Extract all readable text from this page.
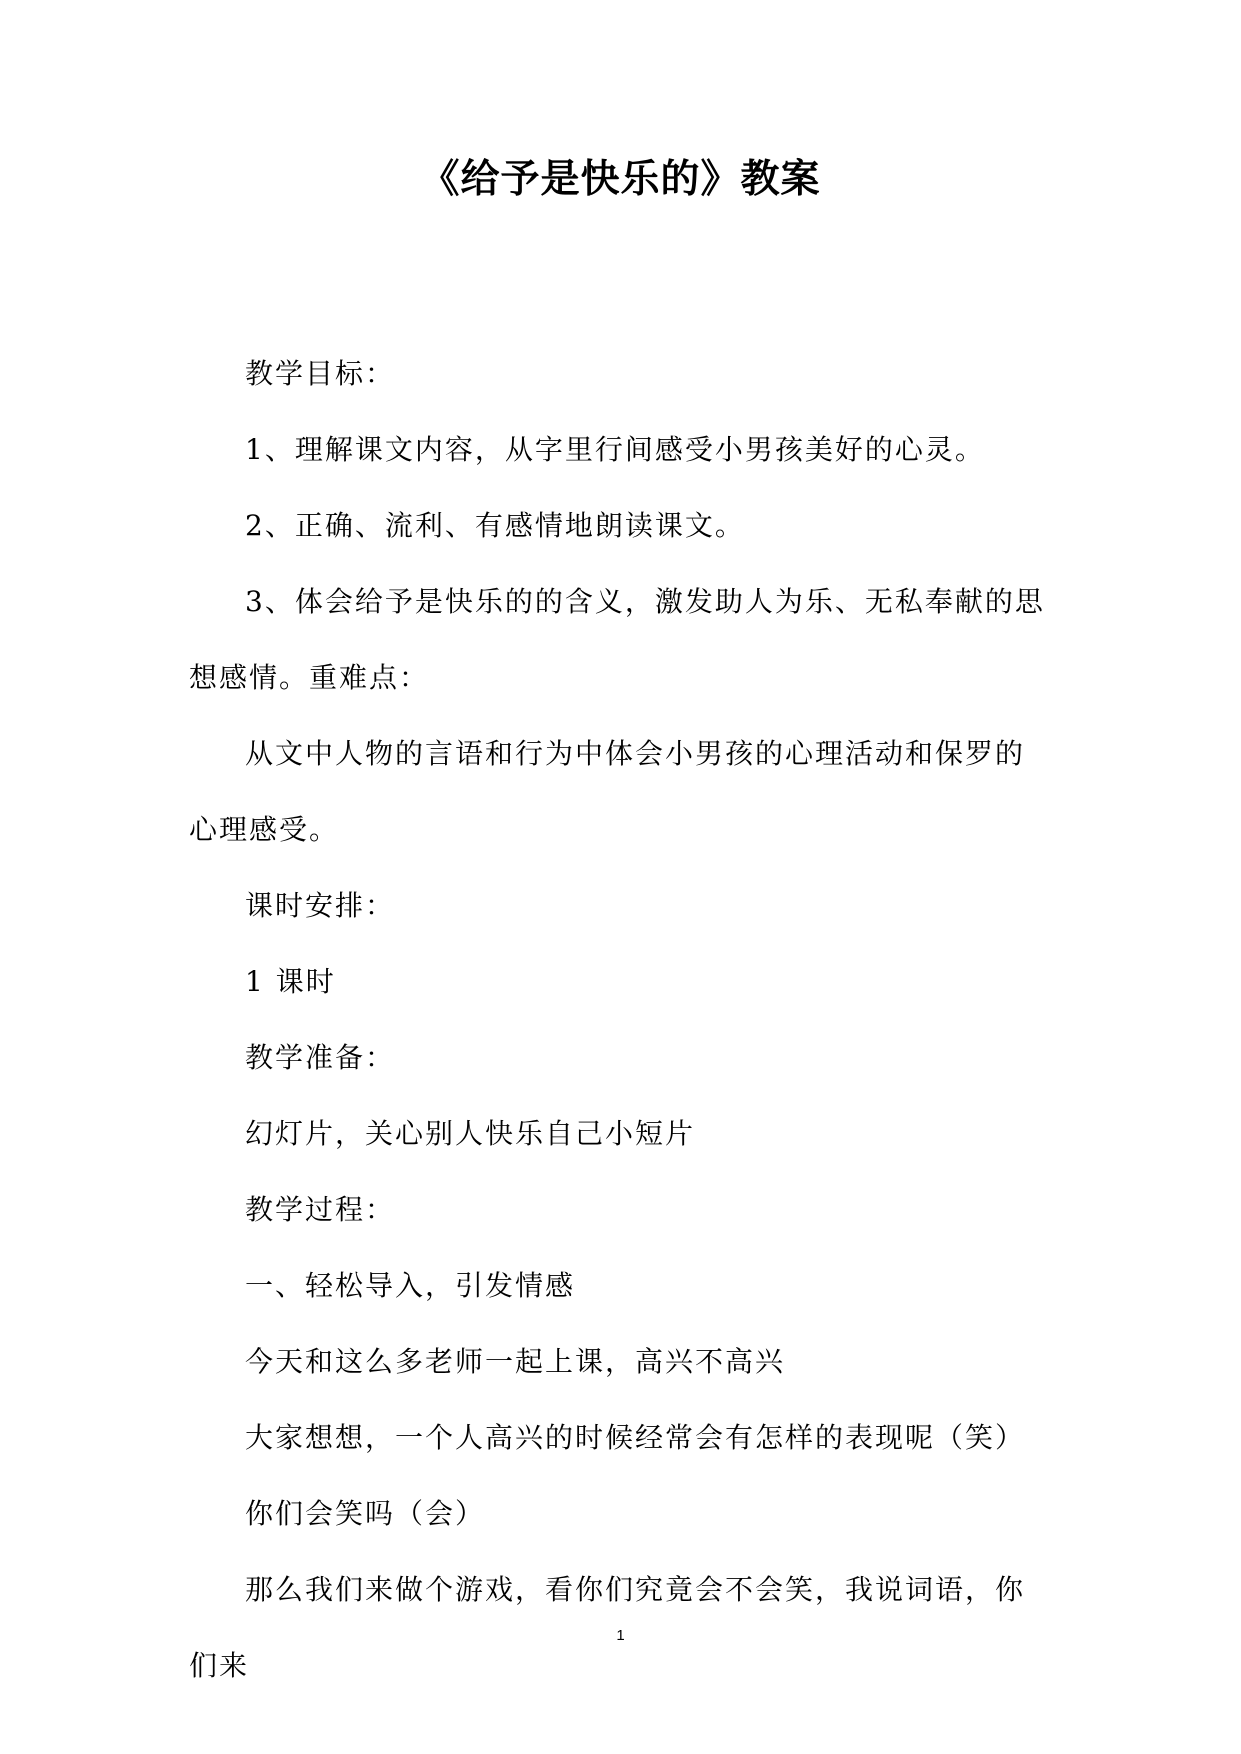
《给予是快乐的》教案

教学目标：

1、理解课文内容，从字里行间感受小男孩美好的心灵。

2、正确、流利、有感情地朗读课文。

3、体会给予是快乐的的含义，激发助人为乐、无私奉献的思想感情。重难点：

从文中人物的言语和行为中体会小男孩的心理活动和保罗的心理感受。

课时安排：

1 课时

教学准备：

幻灯片，关心别人快乐自己小短片

教学过程：

一、轻松导入，引发情感

今天和这么多老师一起上课，高兴不高兴

大家想想，一个人高兴的时候经常会有怎样的表现呢（笑）

你们会笑吗（会）

那么我们来做个游戏，看你们究竟会不会笑，我说词语，你们来

1
